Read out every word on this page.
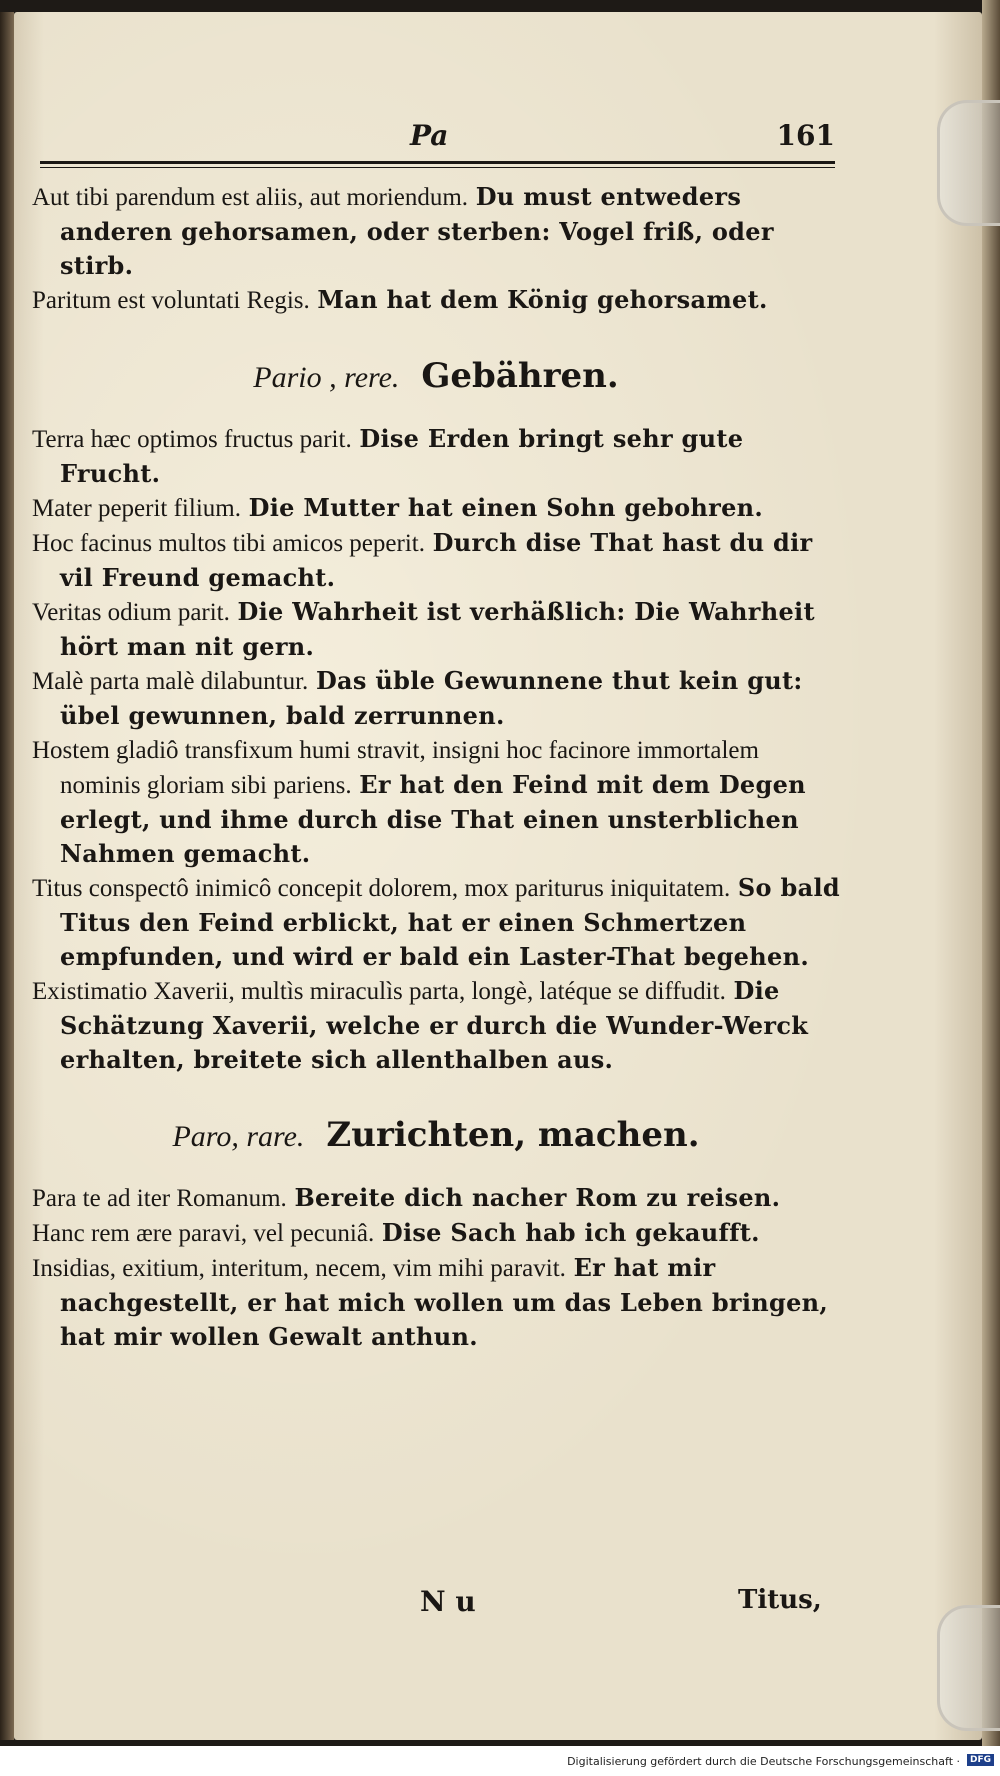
Pa	161

Aut tibi parendum est aliis, aut moriendum. Du must entweders anderen gehorsamen, oder sterben: Vogel friß, oder stirb.

Paritum est voluntati Regis. Man hat dem König gehorsamet.

Pario , rere. Gebähren.

Terra hæc optimos fructus parit. Dise Erden bringt sehr gute Frucht.

Mater peperit filium. Die Mutter hat einen Sohn gebohren.

Hoc facinus multos tibi amicos peperit. Durch dise That hast du dir vil Freund gemacht.

Veritas odium parit. Die Wahrheit ist verhäßlich: Die Wahrheit hört man nit gern.

Malè parta malè dilabuntur. Das üble Gewunnene thut kein gut: übel gewunnen, bald zerrunnen.

Hostem gladiô transfixum humi stravit, insigni hoc facinore immortalem nominis gloriam sibi pariens. Er hat den Feind mit dem Degen erlegt, und ihme durch dise That einen unsterblichen Nahmen gemacht.

Titus conspectô inimicô concepit dolorem, mox pariturus iniquitatem. So bald Titus den Feind erblickt, hat er einen Schmertzen empfunden, und wird er bald ein Laster-That begehen.

Existimatio Xaverii, multìs miraculìs parta, longè, latéque se diffudit. Die Schätzung Xaverii, welche er durch die Wunder-Werck erhalten, breitete sich allenthalben aus.

Paro, rare. Zurichten, machen.

Para te ad iter Romanum. Bereite dich nacher Rom zu reisen.

Hanc rem ære paravi, vel pecuniâ. Dise Sach hab ich gekaufft.

Insidias, exitium, interitum, necem, vim mihi paravit. Er hat mir nachgestellt, er hat mich wollen um das Leben bringen, hat mir wollen Gewalt anthun.

N u	Titus,
Digitalisierung gefördert durch die Deutsche Forschungsgemeinschaft ·	DFG
